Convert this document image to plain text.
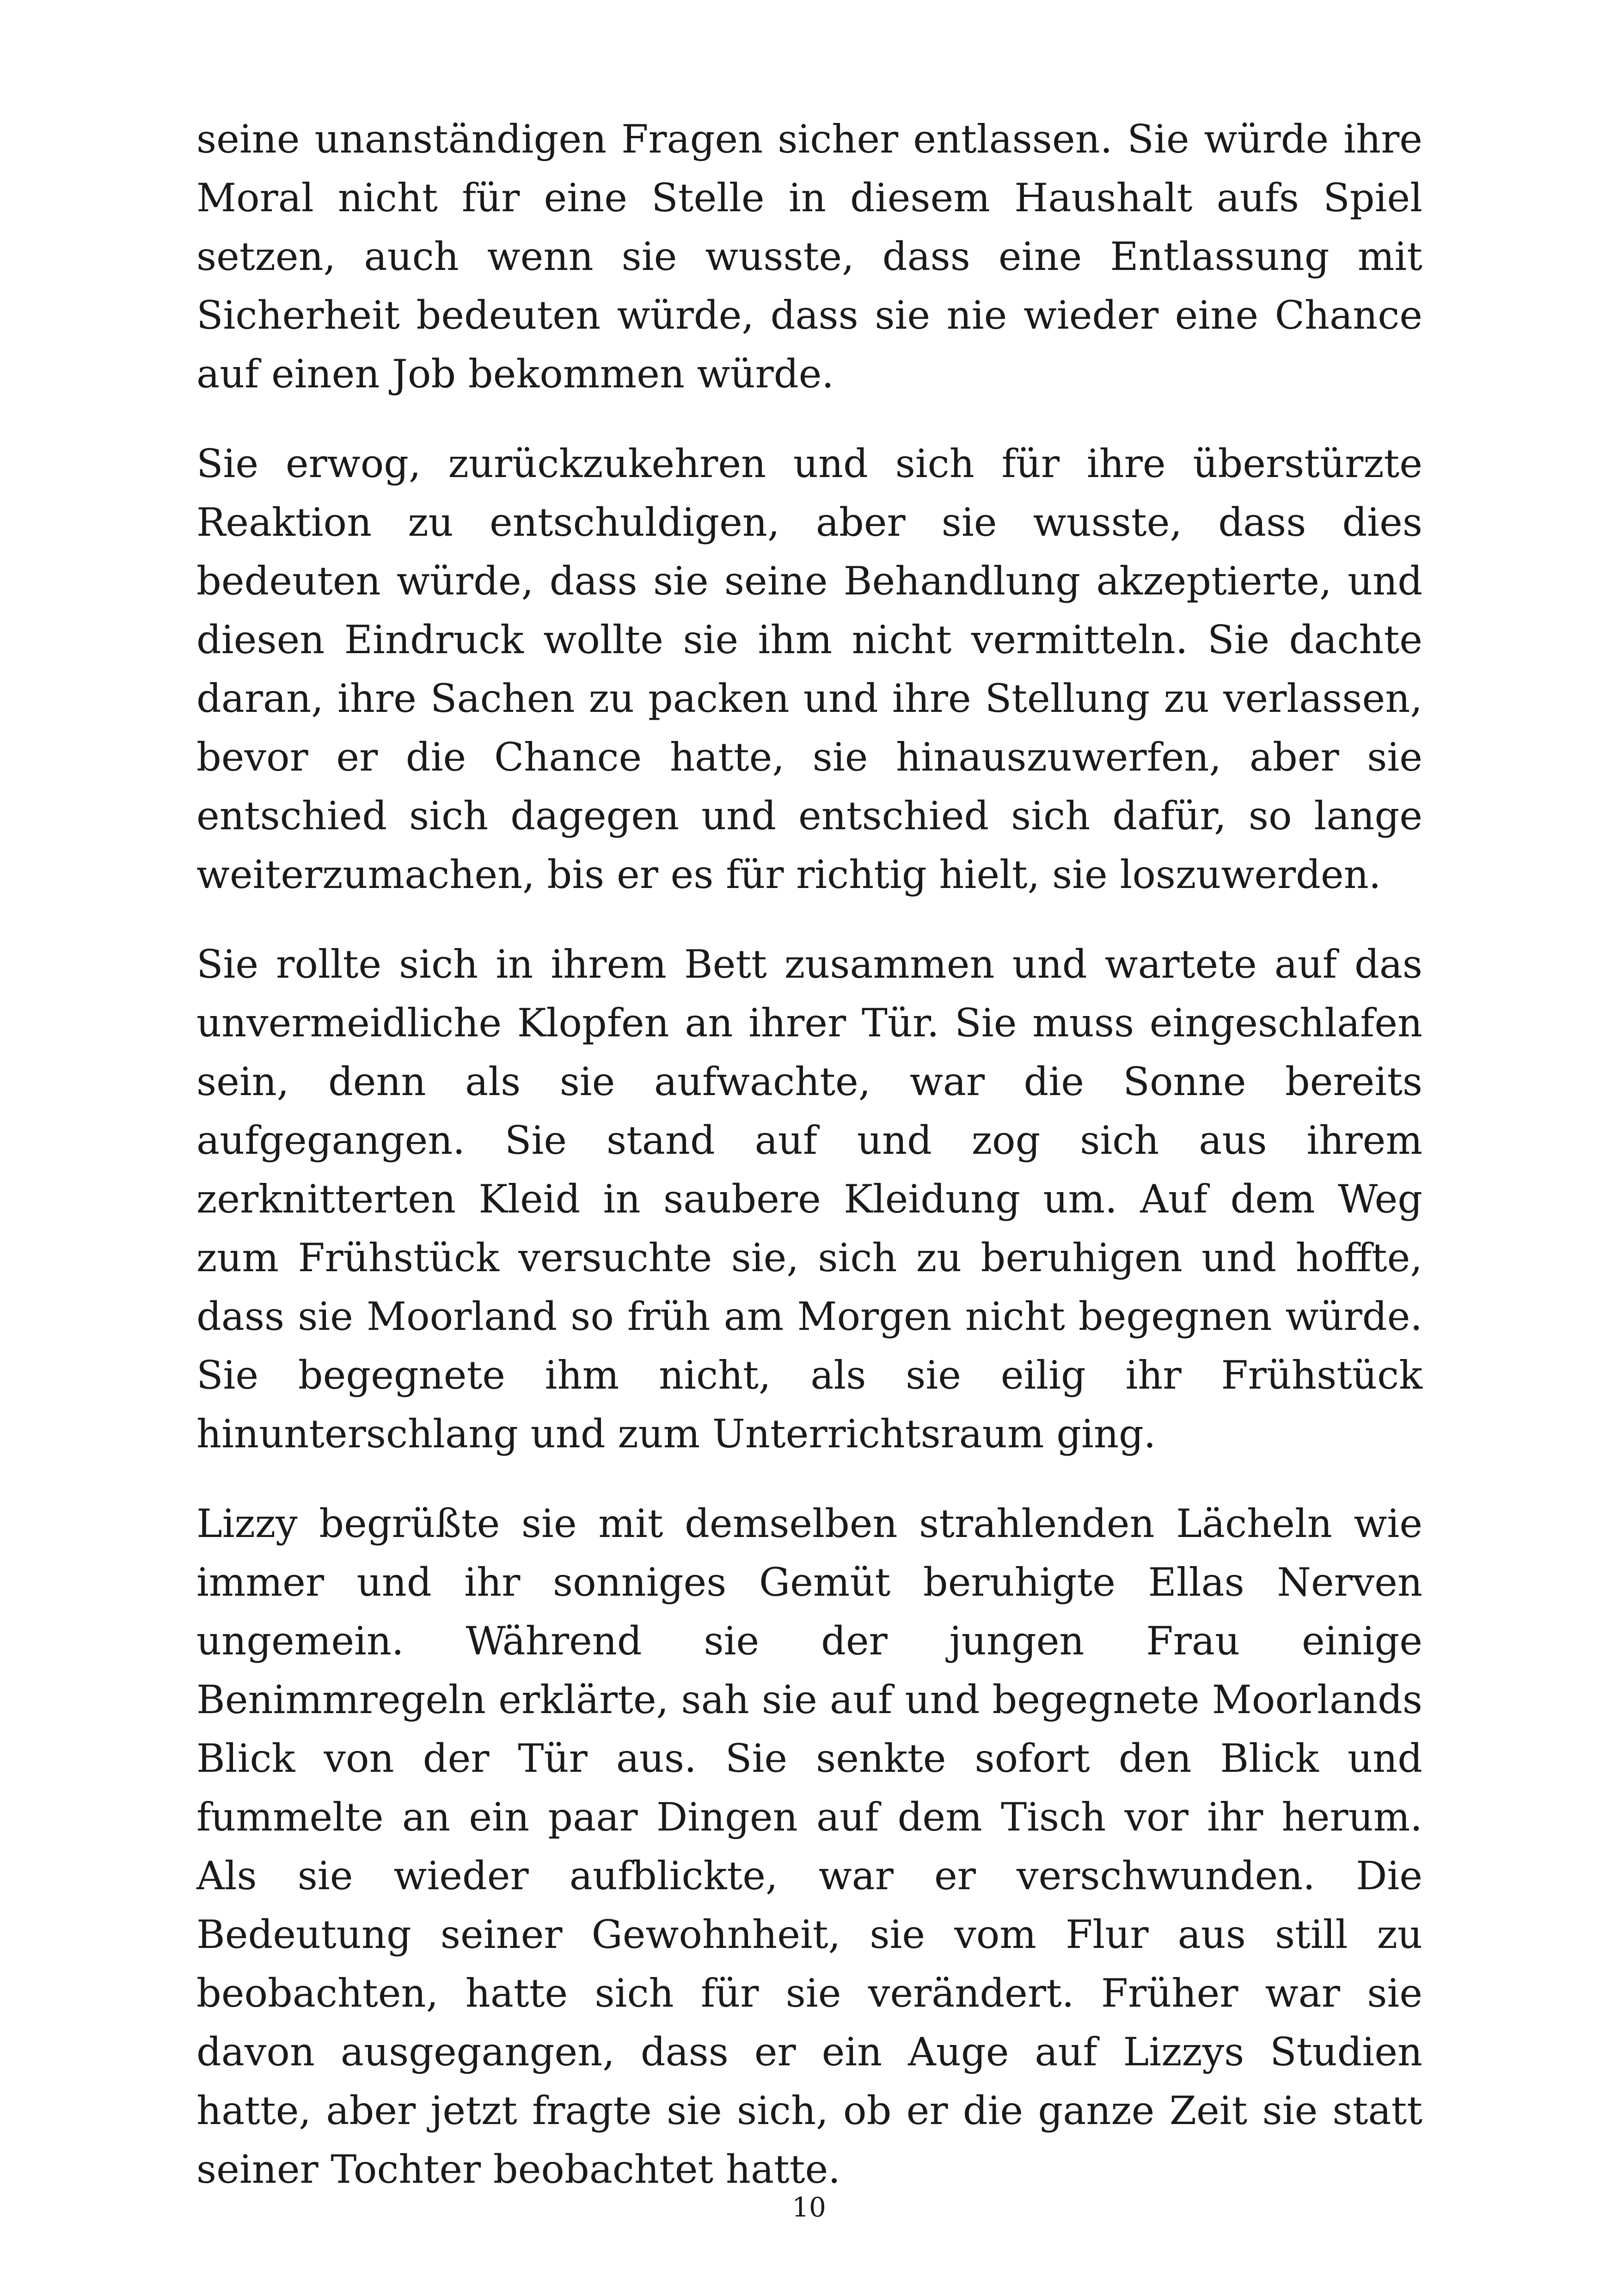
seine unanständigen Fragen sicher entlassen. Sie würde ihre Moral nicht für eine Stelle in diesem Haushalt aufs Spiel setzen, auch wenn sie wusste, dass eine Entlassung mit Sicherheit bedeuten würde, dass sie nie wieder eine Chance auf einen Job bekommen würde.

Sie erwog, zurückzukehren und sich für ihre überstürzte Reaktion zu entschuldigen, aber sie wusste, dass dies bedeuten würde, dass sie seine Behandlung akzeptierte, und diesen Eindruck wollte sie ihm nicht vermitteln. Sie dachte daran, ihre Sachen zu packen und ihre Stellung zu verlassen, bevor er die Chance hatte, sie hinauszuwerfen, aber sie entschied sich dagegen und entschied sich dafür, so lange weiterzumachen, bis er es für richtig hielt, sie loszuwerden.

Sie rollte sich in ihrem Bett zusammen und wartete auf das unvermeidliche Klopfen an ihrer Tür. Sie muss eingeschlafen sein, denn als sie aufwachte, war die Sonne bereits aufgegangen. Sie stand auf und zog sich aus ihrem zerknitterten Kleid in saubere Kleidung um. Auf dem Weg zum Frühstück versuchte sie, sich zu beruhigen und hoffte, dass sie Moorland so früh am Morgen nicht begegnen würde. Sie begegnete ihm nicht, als sie eilig ihr Frühstück hinunterschlang und zum Unterrichtsraum ging.

Lizzy begrüßte sie mit demselben strahlenden Lächeln wie immer und ihr sonniges Gemüt beruhigte Ellas Nerven ungemein. Während sie der jungen Frau einige Benimmregeln erklärte, sah sie auf und begegnete Moorlands Blick von der Tür aus. Sie senkte sofort den Blick und fummelte an ein paar Dingen auf dem Tisch vor ihr herum. Als sie wieder aufblickte, war er verschwunden. Die Bedeutung seiner Gewohnheit, sie vom Flur aus still zu beobachten, hatte sich für sie verändert. Früher war sie davon ausgegangen, dass er ein Auge auf Lizzys Studien hatte, aber jetzt fragte sie sich, ob er die ganze Zeit sie statt seiner Tochter beobachtet hatte.

10
